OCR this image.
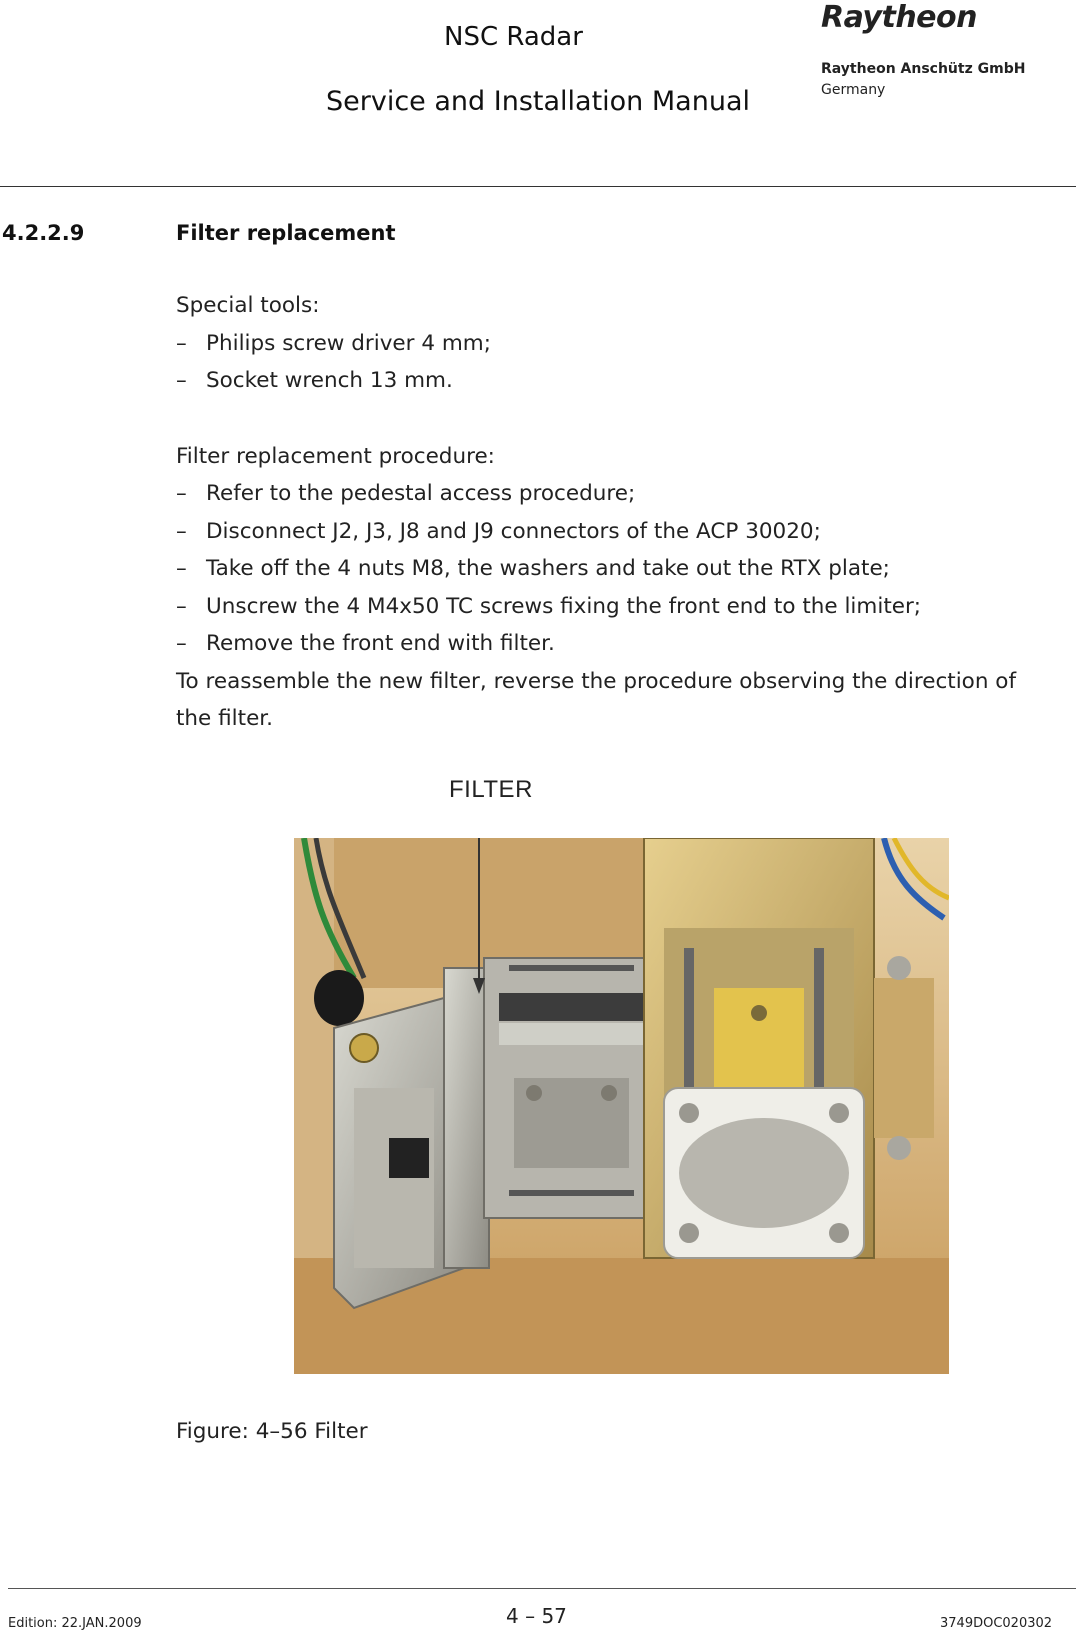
NSC Radar
Service and Installation Manual
Raytheon
Raytheon Anschütz GmbH
Germany
4.2.2.9	Filter replacement
Special tools:
– Philips screw driver 4 mm;
– Socket wrench 13 mm.
Filter replacement procedure:
– Refer to the pedestal access procedure;
– Disconnect J2, J3, J8 and J9 connectors of the ACP 30020;
– Take off the 4 nuts M8, the washers and take out the RTX plate;
– Unscrew the 4 M4x50 TC screws fixing the front end to the limiter;
– Remove the front end with filter.
To reassemble the new filter, reverse the procedure observing the direction of the filter.
FILTER
Figure: 4–56 Filter
Edition: 22.JAN.2009	4 – 57	3749DOC020302
